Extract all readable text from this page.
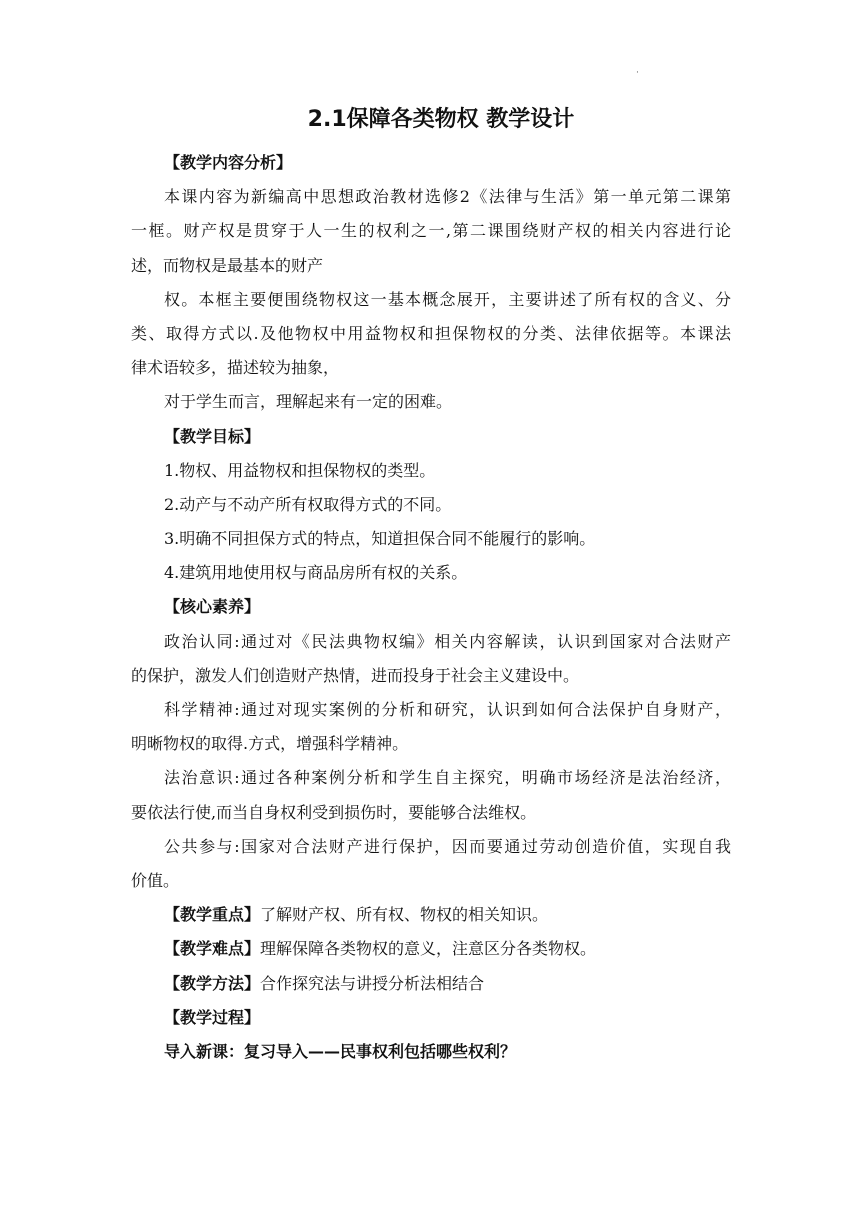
·
2.1保障各类物权 教学设计

【教学内容分析】

本课内容为新编高中思想政治教材选修2《法律与生活》第一单元第二课第

一框。财产权是贯穿于人一生的权利之一,第二课围绕财产权的相关内容进行论

述，而物权是最基本的财产

权。本框主要便围绕物权这一基本概念展开，主要讲述了所有权的含义、分

类、取得方式以.及他物权中用益物权和担保物权的分类、法律依据等。本课法

律术语较多，描述较为抽象，

对于学生而言，理解起来有一定的困难。

【教学目标】

1.物权、用益物权和担保物权的类型。

2.动产与不动产所有权取得方式的不同。

3.明确不同担保方式的特点，知道担保合同不能履行的影响。

4.建筑用地使用权与商品房所有权的关系。

【核心素养】

政治认同:通过对《民法典物权编》相关内容解读，认识到国家对合法财产

的保护，激发人们创造财产热情，进而投身于社会主义建设中。

科学精神:通过对现实案例的分析和研究，认识到如何合法保护自身财产，

明晰物权的取得.方式，增强科学精神。

法治意识:通过各种案例分析和学生自主探究，明确市场经济是法治经济，

要依法行使,而当自身权利受到损伤时，要能够合法维权。

公共参与:国家对合法财产进行保护，因而要通过劳动创造价值，实现自我

价值。

【教学重点】了解财产权、所有权、物权的相关知识。

【教学难点】理解保障各类物权的意义，注意区分各类物权。

【教学方法】合作探究法与讲授分析法相结合

【教学过程】

导入新课：复习导入——民事权利包括哪些权利？
